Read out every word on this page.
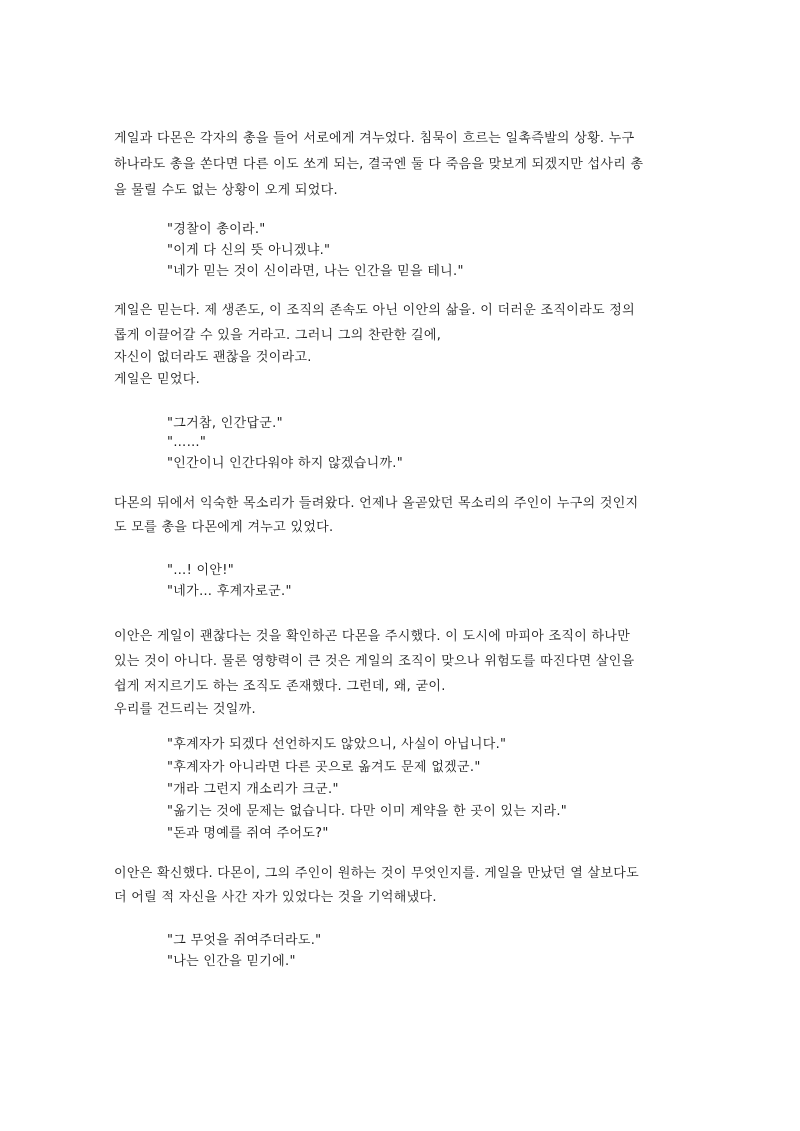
게일과 다몬은 각자의 총을 들어 서로에게 겨누었다. 침묵이 흐르는 일촉즉발의 상황. 누구
하나라도 총을 쏜다면 다른 이도 쏘게 되는, 결국엔 둘 다 죽음을 맞보게 되겠지만 섭사리 총
을 물릴 수도 없는 상황이 오게 되었다.
"경찰이 총이라."
"이게 다 신의 뜻 아니겠냐."
"네가 믿는 것이 신이라면, 나는 인간을 믿을 테니."
게일은 믿는다. 제 생존도, 이 조직의 존속도 아닌 이안의 삶을. 이 더러운 조직이라도 정의
롭게 이끌어갈 수 있을 거라고. 그러니 그의 찬란한 길에,
자신이 없더라도 괜찮을 것이라고.
게일은 믿었다.
"그거참, 인간답군."
"……"
"인간이니 인간다워야 하지 않겠습니까."
다몬의 뒤에서 익숙한 목소리가 들려왔다. 언제나 올곧았던 목소리의 주인이 누구의 것인지
도 모를 총을 다몬에게 겨누고 있었다.
"…! 이안!"
"네가… 후계자로군."
이안은 게일이 괜찮다는 것을 확인하곤 다몬을 주시했다. 이 도시에 마피아 조직이 하나만
있는 것이 아니다. 물론 영향력이 큰 것은 게일의 조직이 맞으나 위험도를 따진다면 살인을
쉽게 저지르기도 하는 조직도 존재했다. 그런데, 왜, 굳이.
우리를 건드리는 것일까.
"후계자가 되겠다 선언하지도 않았으니, 사실이 아닙니다."
"후계자가 아니라면 다른 곳으로 옮겨도 문제 없겠군."
"개라 그런지 개소리가 크군."
"옮기는 것에 문제는 없습니다. 다만 이미 계약을 한 곳이 있는 지라."
"돈과 명예를 쥐여 주어도?"
이안은 확신했다. 다몬이, 그의 주인이 원하는 것이 무엇인지를. 게일을 만났던 열 살보다도
더 어릴 적 자신을 사간 자가 있었다는 것을 기억해냈다.
"그 무엇을 쥐여주더라도."
"나는 인간을 믿기에."
